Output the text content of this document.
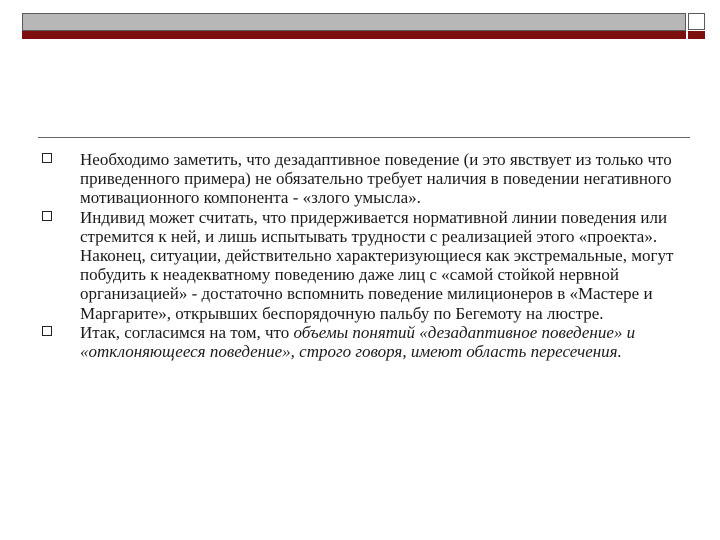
Необходимо заметить, что дезадаптивное поведение (и это явствует из только что приведенного примера) не обязательно требует наличия в поведении негативного мотивационного компонента - «злого умысла».
Индивид может считать, что придерживается нормативной линии поведения или стремится к ней, и лишь испытывать трудности с реализацией этого «проекта». Наконец, ситуации, действительно характеризующиеся как экстремальные, могут побудить к неадекватному поведению даже лиц с «самой стойкой нервной организацией» - достаточно вспомнить поведение милиционеров в «Мастере и Маргарите», открывших беспорядочную пальбу по Бегемоту на люстре.
Итак, согласимся на том, что объемы понятий «дезадаптивное поведение» и «отклоняющееся поведение», строго говоря, имеют область пересечения.
